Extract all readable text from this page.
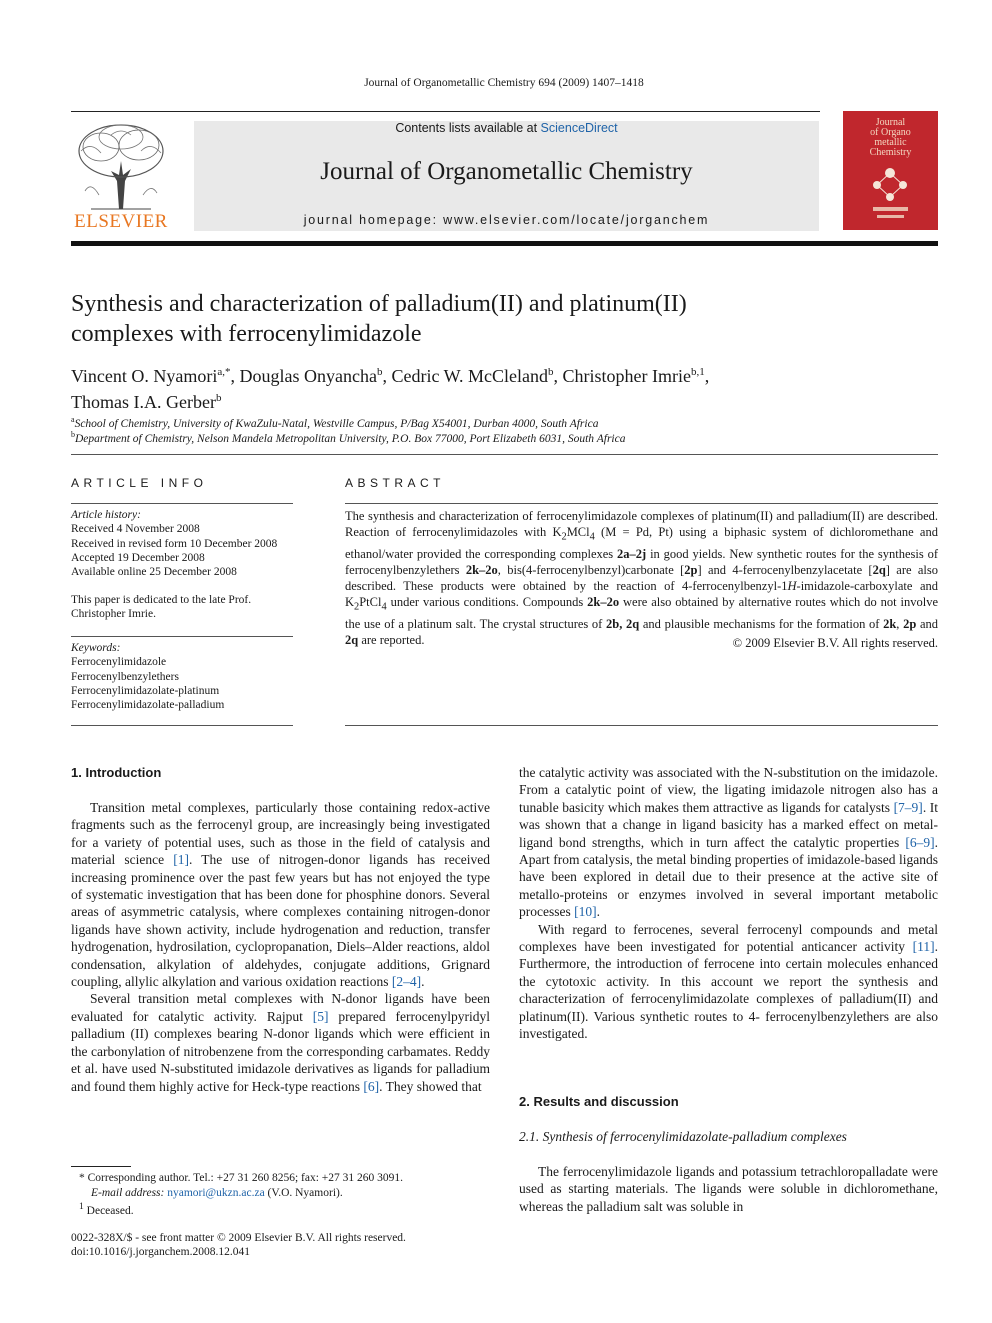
Journal of Organometallic Chemistry 694 (2009) 1407–1418
ELSEVIER
Contents lists available at ScienceDirect
Journal of Organometallic Chemistry
journal homepage: www.elsevier.com/locate/jorganchem
Journal
of Organo
metallic
Chemistry
Synthesis and characterization of palladium(II) and platinum(II)
complexes with ferrocenylimidazole
Vincent O. Nyamori$^{a,*}$, Douglas Onyancha$^b$, Cedric W. McCleland$^b$, Christopher Imrie$^{b,1}$,
Thomas I.A. Gerber$^b$
$^a$School of Chemistry, University of KwaZulu-Natal, Westville Campus, P/Bag X54001, Durban 4000, South Africa
$^b$Department of Chemistry, Nelson Mandela Metropolitan University, P.O. Box 77000, Port Elizabeth 6031, South Africa
ARTICLE INFO
Article history:
Received 4 November 2008
Received in revised form 10 December 2008
Accepted 19 December 2008
Available online 25 December 2008
This paper is dedicated to the late Prof.
Christopher Imrie.
Keywords:
Ferrocenylimidazole
Ferrocenylbenzylethers
Ferrocenylimidazolate-platinum
Ferrocenylimidazolate-palladium
ABSTRACT
The synthesis and characterization of ferrocenylimidazole complexes of platinum(II) and palladium(II) are described. Reaction of ferrocenylimidazoles with $K_2MCl_4$ (M = Pd, Pt) using a biphasic system of dichloromethane and ethanol/water provided the corresponding complexes 2a–2j in good yields. New synthetic routes for the synthesis of ferrocenylbenzylethers 2k–2o, bis(4-ferrocenylbenzyl)carbonate [2p] and 4-ferrocenylbenzylacetate [2q] are also described. These products were obtained by the reaction of 4-ferrocenylbenzyl-1H-imidazole-carboxylate and $K_2PtCl_4$ under various conditions. Compounds 2k–2o were also obtained by alternative routes which do not involve the use of a platinum salt. The crystal structures of 2b, 2q and plausible mechanisms for the formation of 2k, 2p and 2q are reported.	© 2009 Elsevier B.V. All rights reserved.
1. Introduction

Transition metal complexes, particularly those containing redox-active fragments such as the ferrocenyl group, are increasingly being investigated for a variety of potential uses, such as those in the field of catalysis and material science [1]. The use of nitrogen-donor ligands has received increasing prominence over the past few years but has not enjoyed the type of systematic investigation that has been done for phosphine donors. Several areas of asymmetric catalysis, where complexes containing nitrogen-donor ligands have shown activity, include hydrogenation and reduction, transfer hydrogenation, hydrosilation, cyclopropanation, Diels–Alder reactions, aldol condensation, alkylation of aldehydes, conjugate additions, Grignard coupling, allylic alkylation and various oxidation reactions [2–4].

Several transition metal complexes with N-donor ligands have been evaluated for catalytic activity. Rajput [5] prepared ferrocenylpyridyl palladium (II) complexes bearing N-donor ligands which were efficient in the carbonylation of nitrobenzene from the corresponding carbamates. Reddy et al. have used N-substituted imidazole derivatives as ligands for palladium and found them highly active for Heck-type reactions [6]. They showed that

the catalytic activity was associated with the N-substitution on the imidazole. From a catalytic point of view, the ligating imidazole nitrogen also has a tunable basicity which makes them attractive as ligands for catalysts [7–9]. It was shown that a change in ligand basicity has a marked effect on metal-ligand bond strengths, which in turn affect the catalytic properties [6–9]. Apart from catalysis, the metal binding properties of imidazole-based ligands have been explored in detail due to their presence at the active site of metallo-proteins or enzymes involved in several important metabolic processes [10].

With regard to ferrocenes, several ferrocenyl compounds and metal complexes have been investigated for potential anticancer activity [11]. Furthermore, the introduction of ferrocene into certain molecules enhanced the cytotoxic activity. In this account we report the synthesis and characterization of ferrocenylimidazolate complexes of palladium(II) and platinum(II). Various synthetic routes to 4- ferrocenylbenzylethers are also investigated.

2. Results and discussion
2.1. Synthesis of ferrocenylimidazolate-palladium complexes

The ferrocenylimidazole ligands and potassium tetrachloropalladate were used as starting materials. The ligands were soluble in dichloromethane, whereas the palladium salt was soluble in

* Corresponding author. Tel.: +27 31 260 8256; fax: +27 31 260 3091.
E-mail address: nyamori@ukzn.ac.za (V.O. Nyamori).
$^1$ Deceased.
0022-328X/$ - see front matter © 2009 Elsevier B.V. All rights reserved.
doi:10.1016/j.jorganchem.2008.12.041
